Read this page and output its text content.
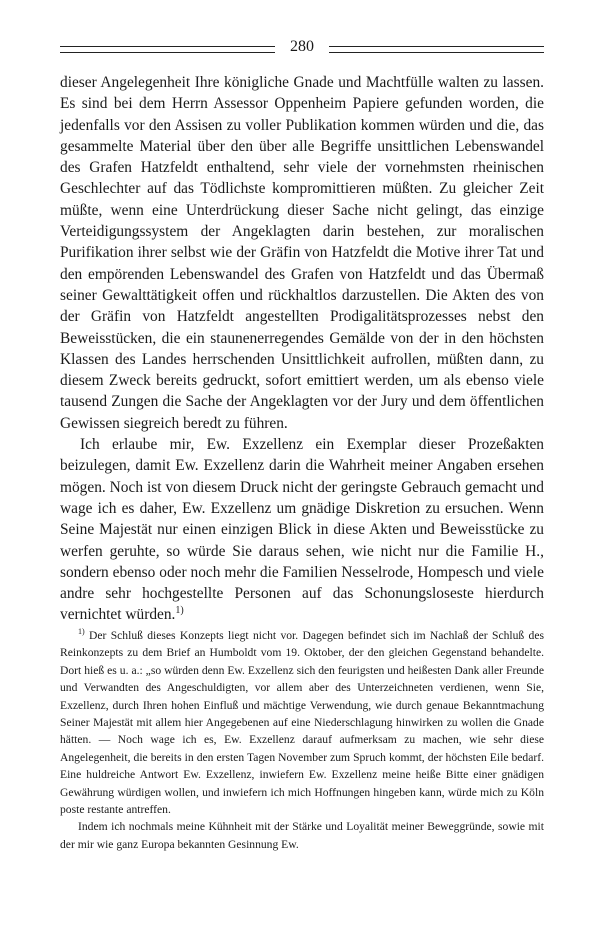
280

dieser Angelegenheit Ihre königliche Gnade und Machtfülle walten zu lassen. Es sind bei dem Herrn Assessor Oppenheim Papiere gefunden worden, die jedenfalls vor den Assisen zu voller Publikation kommen würden und die, das gesammelte Material über den über alle Begriffe unsittlichen Lebenswandel des Grafen Hatzfeldt enthaltend, sehr viele der vornehmsten rheinischen Geschlechter auf das Tödlichste kompromittieren müßten. Zu gleicher Zeit müßte, wenn eine Unterdrückung dieser Sache nicht gelingt, das einzige Verteidigungssystem der Angeklagten darin bestehen, zur moralischen Purifikation ihrer selbst wie der Gräfin von Hatzfeldt die Motive ihrer Tat und den empörenden Lebenswandel des Grafen von Hatzfeldt und das Übermaß seiner Gewalttätigkeit offen und rückhaltlos darzustellen. Die Akten des von der Gräfin von Hatzfeldt angestellten Prodigalitätsprozesses nebst den Beweisstücken, die ein staunenerregendes Gemälde von der in den höchsten Klassen des Landes herrschenden Unsittlichkeit aufrollen, müßten dann, zu diesem Zweck bereits gedruckt, sofort emittiert werden, um als ebenso viele tausend Zungen die Sache der Angeklagten vor der Jury und dem öffentlichen Gewissen siegreich beredt zu führen.

Ich erlaube mir, Ew. Exzellenz ein Exemplar dieser Prozeßakten beizulegen, damit Ew. Exzellenz darin die Wahrheit meiner Angaben ersehen mögen. Noch ist von diesem Druck nicht der geringste Gebrauch gemacht und wage ich es daher, Ew. Exzellenz um gnädige Diskretion zu ersuchen. Wenn Seine Majestät nur einen einzigen Blick in diese Akten und Beweisstücke zu werfen geruhte, so würde Sie daraus sehen, wie nicht nur die Familie H., sondern ebenso oder noch mehr die Familien Nesselrode, Hompesch und viele andre sehr hochgestellte Personen auf das Schonungsloseste hierdurch vernichtet würden.$^{1)}$

$^{1)}$ Der Schluß dieses Konzepts liegt nicht vor. Dagegen befindet sich im Nachlaß der Schluß des Reinkonzepts zu dem Brief an Humboldt vom 19. Oktober, der den gleichen Gegenstand behandelte. Dort hieß es u. a.: „so würden denn Ew. Exzellenz sich den feurigsten und heißesten Dank aller Freunde und Verwandten des Angeschuldigten, vor allem aber des Unterzeichneten verdienen, wenn Sie, Exzellenz, durch Ihren hohen Einfluß und mächtige Verwendung, wie durch genaue Bekanntmachung Seiner Majestät mit allem hier Angegebenen auf eine Niederschlagung hinwirken zu wollen die Gnade hätten. — Noch wage ich es, Ew. Exzellenz darauf aufmerksam zu machen, wie sehr diese Angelegenheit, die bereits in den ersten Tagen November zum Spruch kommt, der höchsten Eile bedarf. Eine huldreiche Antwort Ew. Exzellenz, inwiefern Ew. Exzellenz meine heiße Bitte einer gnädigen Gewährung würdigen wollen, und inwiefern ich mich Hoffnungen hingeben kann, würde mich zu Köln poste restante antreffen.

Indem ich nochmals meine Kühnheit mit der Stärke und Loyalität meiner Beweggründe, sowie mit der mir wie ganz Europa bekannten Gesinnung Ew.
